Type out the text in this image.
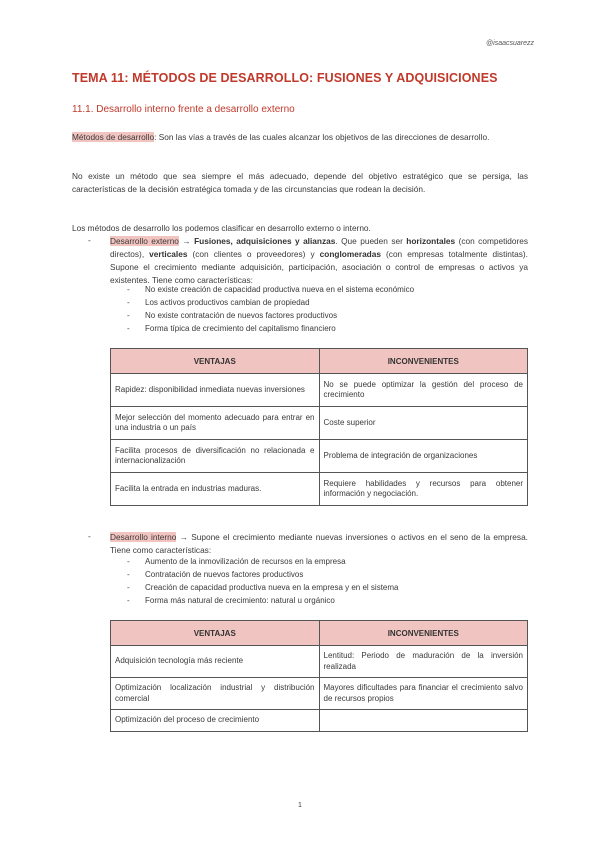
@isaacsuarezz
TEMA 11: MÉTODOS DE DESARROLLO: FUSIONES Y ADQUISICIONES
11.1. Desarrollo interno frente a desarrollo externo
Métodos de desarrollo: Son las vías a través de las cuales alcanzar los objetivos de las direcciones de desarrollo.
No existe un método que sea siempre el más adecuado, depende del objetivo estratégico que se persiga, las características de la decisión estratégica tomada y de las circunstancias que rodean la decisión.
Los métodos de desarrollo los podemos clasificar en desarrollo externo o interno.
- Desarrollo externo → Fusiones, adquisiciones y alianzas. Que pueden ser horizontales (con competidores directos), verticales (con clientes o proveedores) y conglomeradas (con empresas totalmente distintas). Supone el crecimiento mediante adquisición, participación, asociación o control de empresas o activos ya existentes. Tiene como características:
- No existe creación de capacidad productiva nueva en el sistema económico
- Los activos productivos cambian de propiedad
- No existe contratación de nuevos factores productivos
- Forma típica de crecimiento del capitalismo financiero
VENTAJAS	INCONVENIENTES
Rapidez: disponibilidad inmediata nuevas inversiones	No se puede optimizar la gestión del proceso de crecimiento
Mejor selección del momento adecuado para entrar en una industria o un país	Coste superior
Facilita procesos de diversificación no relacionada e internacionalización	Problema de integración de organizaciones
Facilita la entrada en industrias maduras.	Requiere habilidades y recursos para obtener información y negociación.
- Desarrollo interno → Supone el crecimiento mediante nuevas inversiones o activos en el seno de la empresa. Tiene como características:
- Aumento de la inmovilización de recursos en la empresa
- Contratación de nuevos factores productivos
- Creación de capacidad productiva nueva en la empresa y en el sistema
- Forma más natural de crecimiento: natural u orgánico
VENTAJAS	INCONVENIENTES
Adquisición tecnología más reciente	Lentitud: Periodo de maduración de la inversión realizada
Optimización localización industrial y distribución comercial	Mayores dificultades para financiar el crecimiento salvo de recursos propios
Optimización del proceso de crecimiento	
1
